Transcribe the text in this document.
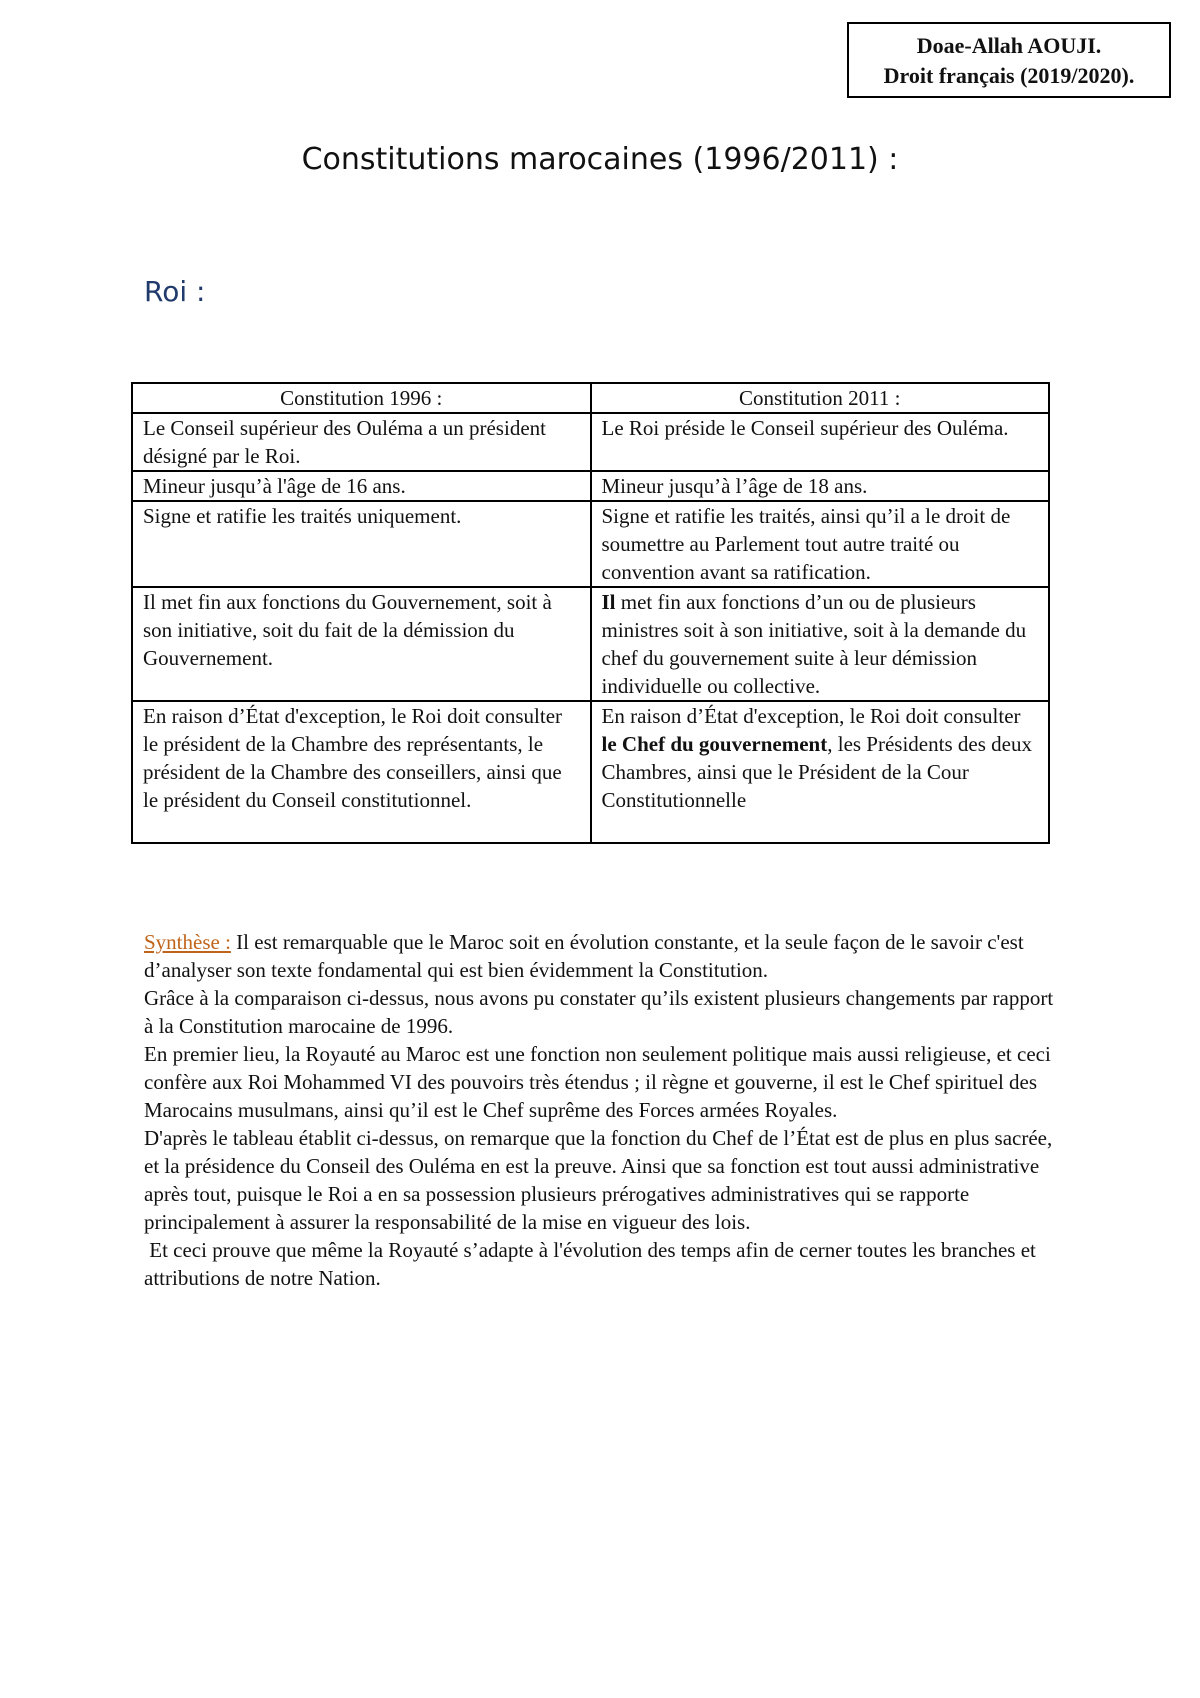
Doae-Allah AOUJI.
Droit français (2019/2020).
Constitutions marocaines (1996/2011) :
Roi :
Constitution 1996 :	Constitution 2011 :
Le Conseil supérieur des Ouléma a un président désigné par le Roi.	Le Roi préside le Conseil supérieur des Ouléma.
Mineur jusqu’à l'âge de 16 ans.	Mineur jusqu’à l’âge de 18 ans.
Signe et ratifie les traités uniquement.	Signe et ratifie les traités, ainsi qu’il a le droit de soumettre au Parlement tout autre traité ou convention avant sa ratification.
Il met fin aux fonctions du Gouvernement, soit à son initiative, soit du fait de la démission du Gouvernement.	Il met fin aux fonctions d’un ou de plusieurs ministres soit à son initiative, soit à la demande du chef du gouvernement suite à leur démission individuelle ou collective.
En raison d’État d'exception, le Roi doit consulter le président de la Chambre des représentants, le président de la Chambre des conseillers, ainsi que le président du Conseil constitutionnel.	En raison d’État d'exception, le Roi doit consulter le Chef du gouvernement, les Présidents des deux Chambres, ainsi que le Président de la Cour Constitutionnelle

Synthèse : Il est remarquable que le Maroc soit en évolution constante, et la seule façon de le savoir c'est d’analyser son texte fondamental qui est bien évidemment la Constitution.

Grâce à la comparaison ci-dessus, nous avons pu constater qu’ils existent plusieurs changements par rapport à la Constitution marocaine de 1996.

En premier lieu, la Royauté au Maroc est une fonction non seulement politique mais aussi religieuse, et ceci confère aux Roi Mohammed VI des pouvoirs très étendus ; il règne et gouverne, il est le Chef spirituel des Marocains musulmans, ainsi qu’il est le Chef suprême des Forces armées Royales.

D'après le tableau établit ci-dessus, on remarque que la fonction du Chef de l’État est de plus en plus sacrée, et la présidence du Conseil des Ouléma en est la preuve. Ainsi que sa fonction est tout aussi administrative après tout, puisque le Roi a en sa possession plusieurs prérogatives administratives qui se rapporte principalement à assurer la responsabilité de la mise en vigueur des lois.

Et ceci prouve que même la Royauté s’adapte à l'évolution des temps afin de cerner toutes les branches et attributions de notre Nation.
